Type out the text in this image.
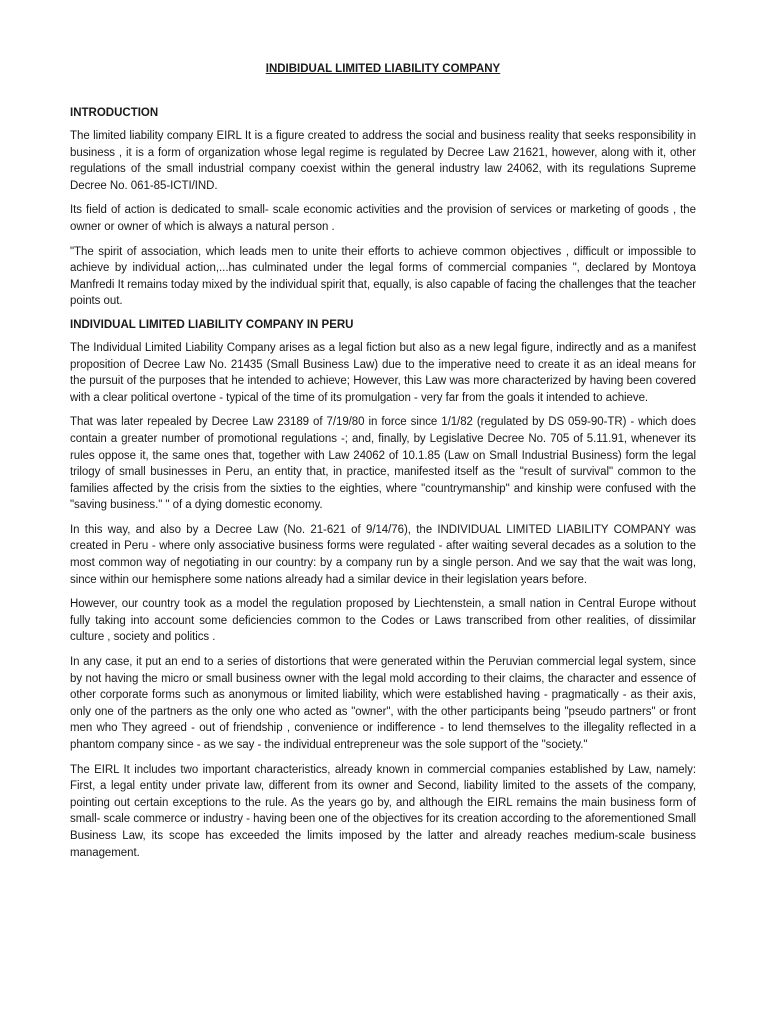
INDIBIDUAL LIMITED LIABILITY COMPANY
INTRODUCTION

The limited liability company EIRL It is a figure created to address the social and business reality that seeks responsibility in business , it is a form of organization whose legal regime is regulated by Decree Law 21621, however, along with it, other regulations of the small industrial company coexist within the general industry law 24062, with its regulations Supreme Decree No. 061-85-ICTI/IND.

Its field of action is dedicated to small- scale economic activities and the provision of services or marketing of goods , the owner or owner of which is always a natural person .

"The spirit of association, which leads men to unite their efforts to achieve common objectives , difficult or impossible to achieve by individual action,...has culminated under the legal forms of commercial companies ", declared by Montoya Manfredi It remains today mixed by the individual spirit that, equally, is also capable of facing the challenges that the teacher points out.

INDIVIDUAL LIMITED LIABILITY COMPANY IN PERU

The Individual Limited Liability Company arises as a legal fiction but also as a new legal figure, indirectly and as a manifest proposition of Decree Law No. 21435 (Small Business Law) due to the imperative need to create it as an ideal means for the pursuit of the purposes that he intended to achieve; However, this Law was more characterized by having been covered with a clear political overtone - typical of the time of its promulgation - very far from the goals it intended to achieve.

That was later repealed by Decree Law 23189 of 7/19/80 in force since 1/1/82 (regulated by DS 059-90-TR) - which does contain a greater number of promotional regulations -; and, finally, by Legislative Decree No. 705 of 5.11.91, whenever its rules oppose it, the same ones that, together with Law 24062 of 10.1.85 (Law on Small Industrial Business) form the legal trilogy of small businesses in Peru, an entity that, in practice, manifested itself as the "result of survival" common to the families affected by the crisis from the sixties to the eighties, where "countrymanship" and kinship were confused with the "saving business." " of a dying domestic economy.

In this way, and also by a Decree Law (No. 21-621 of 9/14/76), the INDIVIDUAL LIMITED LIABILITY COMPANY was created in Peru - where only associative business forms were regulated - after waiting several decades as a solution to the most common way of negotiating in our country: by a company run by a single person. And we say that the wait was long, since within our hemisphere some nations already had a similar device in their legislation years before.

However, our country took as a model the regulation proposed by Liechtenstein, a small nation in Central Europe without fully taking into account some deficiencies common to the Codes or Laws transcribed from other realities, of dissimilar culture , society and politics .

In any case, it put an end to a series of distortions that were generated within the Peruvian commercial legal system, since by not having the micro or small business owner with the legal mold according to their claims, the character and essence of other corporate forms such as anonymous or limited liability, which were established having - pragmatically - as their axis, only one of the partners as the only one who acted as "owner", with the other participants being "pseudo partners" or front men who They agreed - out of friendship , convenience or indifference - to lend themselves to the illegality reflected in a phantom company since - as we say - the individual entrepreneur was the sole support of the "society."

The EIRL It includes two important characteristics, already known in commercial companies established by Law, namely: First, a legal entity under private law, different from its owner and Second, liability limited to the assets of the company, pointing out certain exceptions to the rule. As the years go by, and although the EIRL remains the main business form of small- scale commerce or industry - having been one of the objectives for its creation according to the aforementioned Small Business Law, its scope has exceeded the limits imposed by the latter and already reaches medium-scale business management.
